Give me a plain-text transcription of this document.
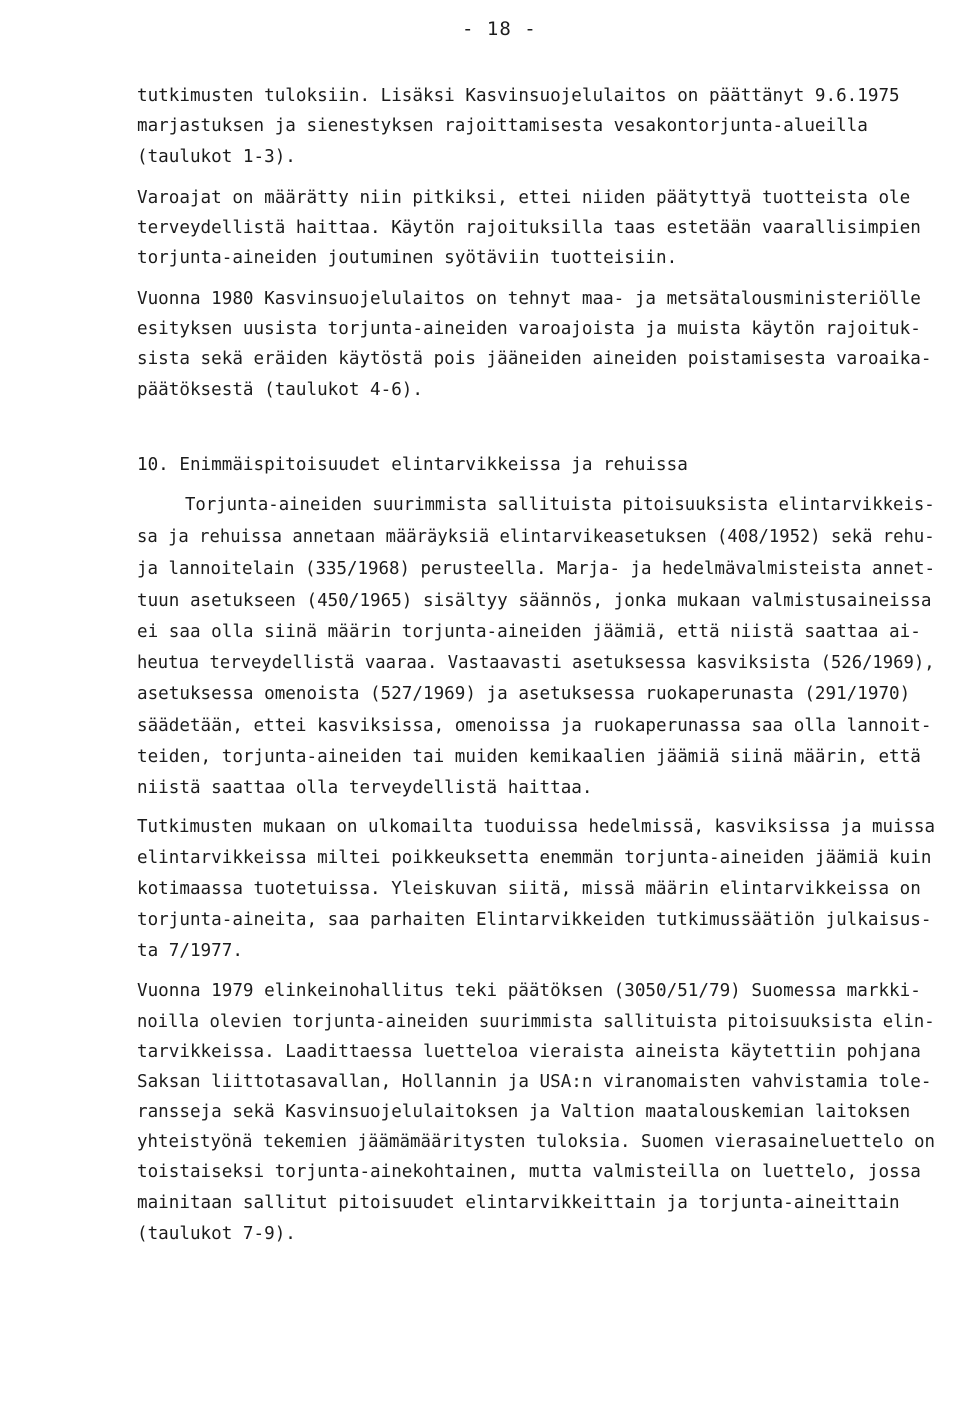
- 18 -
tutkimusten tuloksiin. Lisäksi Kasvinsuojelulaitos on päättänyt 9.6.1975
marjastuksen ja sienestyksen rajoittamisesta vesakontorjunta-alueilla
(taulukot 1-3).
Varoajat on määrätty niin pitkiksi, ettei niiden päätyttyä tuotteista ole
terveydellistä haittaa. Käytön rajoituksilla taas estetään vaarallisimpien
torjunta-aineiden joutuminen syötäviin tuotteisiin.
Vuonna 1980 Kasvinsuojelulaitos on tehnyt maa- ja metsätalousministeriölle
esityksen uusista torjunta-aineiden varoajoista ja muista käytön rajoituk-
sista sekä eräiden käytöstä pois jääneiden aineiden poistamisesta varoaika-
päätöksestä (taulukot 4-6).
10. Enimmäispitoisuudet elintarvikkeissa ja rehuissa
Torjunta-aineiden suurimmista sallituista pitoisuuksista elintarvikkeis-
sa ja rehuissa annetaan määräyksiä elintarvikeasetuksen (408/1952) sekä rehu-
ja lannoitelain (335/1968) perusteella. Marja- ja hedelmävalmisteista annet-
tuun asetukseen (450/1965) sisältyy säännös, jonka mukaan valmistusaineissa
ei saa olla siinä määrin torjunta-aineiden jäämiä, että niistä saattaa ai-
heutua terveydellistä vaaraa. Vastaavasti asetuksessa kasviksista (526/1969),
asetuksessa omenoista (527/1969) ja asetuksessa ruokaperunasta (291/1970)
säädetään, ettei kasviksissa, omenoissa ja ruokaperunassa saa olla lannoit-
teiden, torjunta-aineiden tai muiden kemikaalien jäämiä siinä määrin, että
niistä saattaa olla terveydellistä haittaa.
Tutkimusten mukaan on ulkomailta tuoduissa hedelmissä, kasviksissa ja muissa
elintarvikkeissa miltei poikkeuksetta enemmän torjunta-aineiden jäämiä kuin
kotimaassa tuotetuissa. Yleiskuvan siitä, missä määrin elintarvikkeissa on
torjunta-aineita, saa parhaiten Elintarvikkeiden tutkimussäätiön julkaisus-
ta 7/1977.
Vuonna 1979 elinkeinohallitus teki päätöksen (3050/51/79) Suomessa markki-
noilla olevien torjunta-aineiden suurimmista sallituista pitoisuuksista elin-
tarvikkeissa. Laadittaessa luetteloa vieraista aineista käytettiin pohjana
Saksan liittotasavallan, Hollannin ja USA:n viranomaisten vahvistamia tole-
ransseja sekä Kasvinsuojelulaitoksen ja Valtion maatalouskemian laitoksen
yhteistyönä tekemien jäämämääritysten tuloksia. Suomen vierasaineluettelo on
toistaiseksi torjunta-ainekohtainen, mutta valmisteilla on luettelo, jossa
mainitaan sallitut pitoisuudet elintarvikkeittain ja torjunta-aineittain
(taulukot 7-9).
